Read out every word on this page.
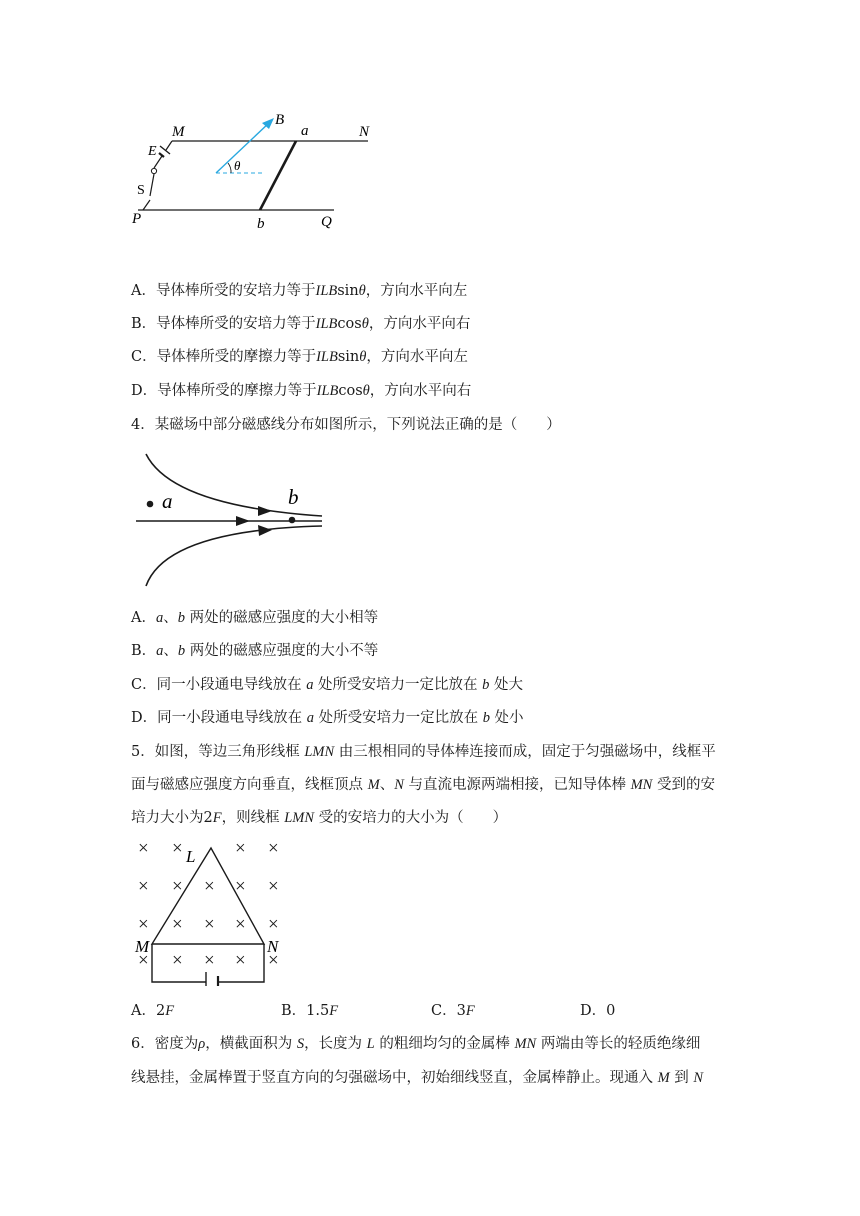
M	N
E
S
P	Q
a
b
B
θ
A．导体棒所受的安培力等于ILBsinθ，方向水平向左
B．导体棒所受的安培力等于ILBcosθ，方向水平向右
C．导体棒所受的摩擦力等于ILBsinθ，方向水平向左
D．导体棒所受的摩擦力等于ILBcosθ，方向水平向右
4．某磁场中部分磁感线分布如图所示，下列说法正确的是（　　）
a	b
A．a、b 两处的磁感应强度的大小相等
B．a、b 两处的磁感应强度的大小不等
C．同一小段通电导线放在 a 处所受安培力一定比放在 b 处大
D．同一小段通电导线放在 a 处所受安培力一定比放在 b 处小
5．如图，等边三角形线框 LMN 由三根相同的导体棒连接而成，固定于匀强磁场中，线框平
面与磁感应强度方向垂直，线框顶点 M、N 与直流电源两端相接，已知导体棒 MN 受到的安
培力大小为2F，则线框 LMN 受的安培力的大小为（　　）
× ×	× ×
× × × × ×
× × × × ×
× × × × ×
L
M	N
A．2F	B．1.5F	C．3F	D．0
6．密度为ρ，横截面积为 S，长度为 L 的粗细均匀的金属棒 MN 两端由等长的轻质绝缘细
线悬挂，金属棒置于竖直方向的匀强磁场中，初始细线竖直，金属棒静止。现通入 M 到 N
